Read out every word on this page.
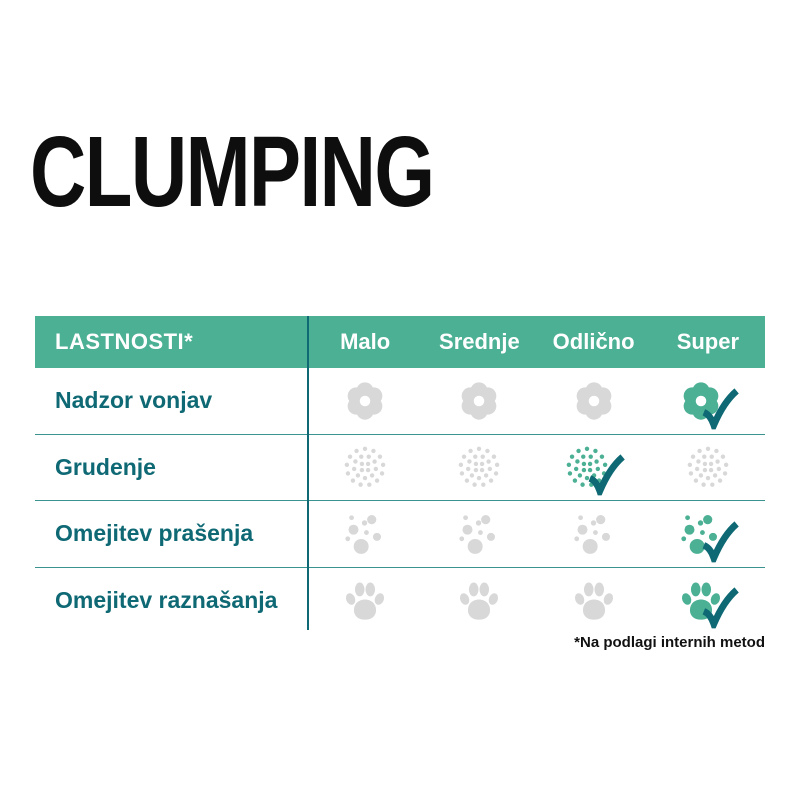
CLUMPING
LASTNOSTI*	Malo	Srednje	Odlično	Super
Nadzor vonjav
Grudenje
Omejitev prašenja
Omejitev raznašanja
*Na podlagi internih metod
